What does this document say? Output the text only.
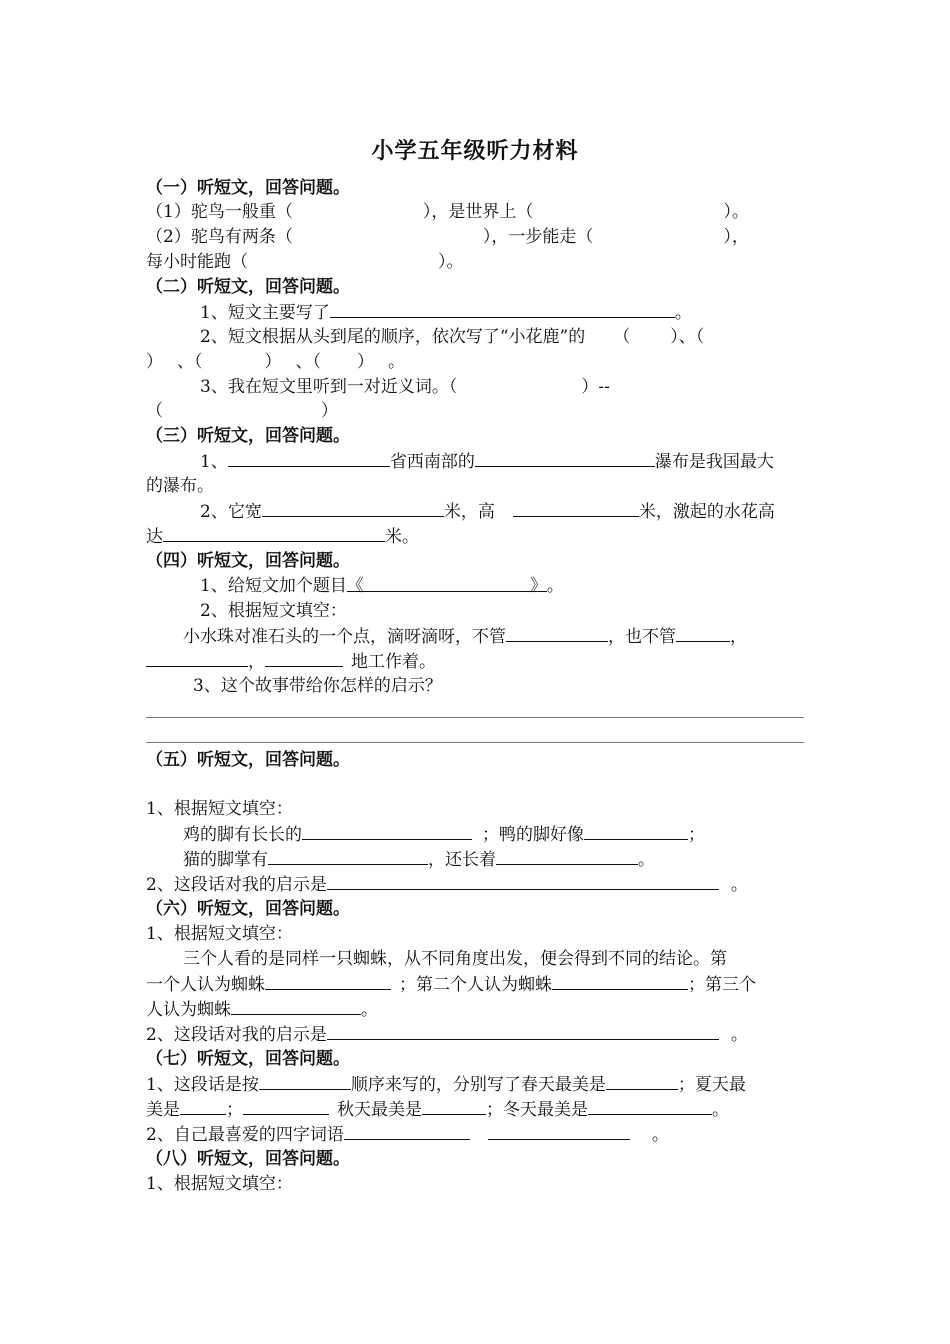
小学五年级听力材料
（一）听短文，回答问题。
（1）驼鸟一般重（	），是世界上（	）。
（2）驼鸟有两条（	），一步能走（	），
每小时能跑（	）。
（二）听短文，回答问题。
1、短文主要写了	。
2、短文根据从头到尾的顺序，依次写了“小花鹿”的 （ ）、（
） 、（	） 、（ ） 。
3、我在短文里听到一对近义词。（	）--
（	）
（三）听短文，回答问题。
1、	省西南部的	瀑布是我国最大
的瀑布。
2、它宽	米，高	米，激起的水花高
达	米。
（四）听短文，回答问题。
1、给短文加个题目《	》。
2、根据短文填空：
小水珠对准石头的一个点，滴呀滴呀，不管	，也不管	，
，	地工作着。
3、这个故事带给你怎样的启示？
（五）听短文，回答问题。
1、根据短文填空：
鸡的脚有长长的	；鸭的脚好像	；
猫的脚掌有	，还长着	。
2、这段话对我的启示是	。
（六）听短文，回答问题。
1、根据短文填空：
三个人看的是同样一只蜘蛛，从不同角度出发，便会得到不同的结论。第
一个人认为蜘蛛	；第二个人认为蜘蛛	；第三个
人认为蜘蛛	。
2、这段话对我的启示是	。
（七）听短文，回答问题。
1、这段话是按	顺序来写的，分别写了春天最美是	；夏天最
美是	；	秋天最美是	；冬天最美是	。
2、自己最喜爱的四字词语	。
（八）听短文，回答问题。
1、根据短文填空：
